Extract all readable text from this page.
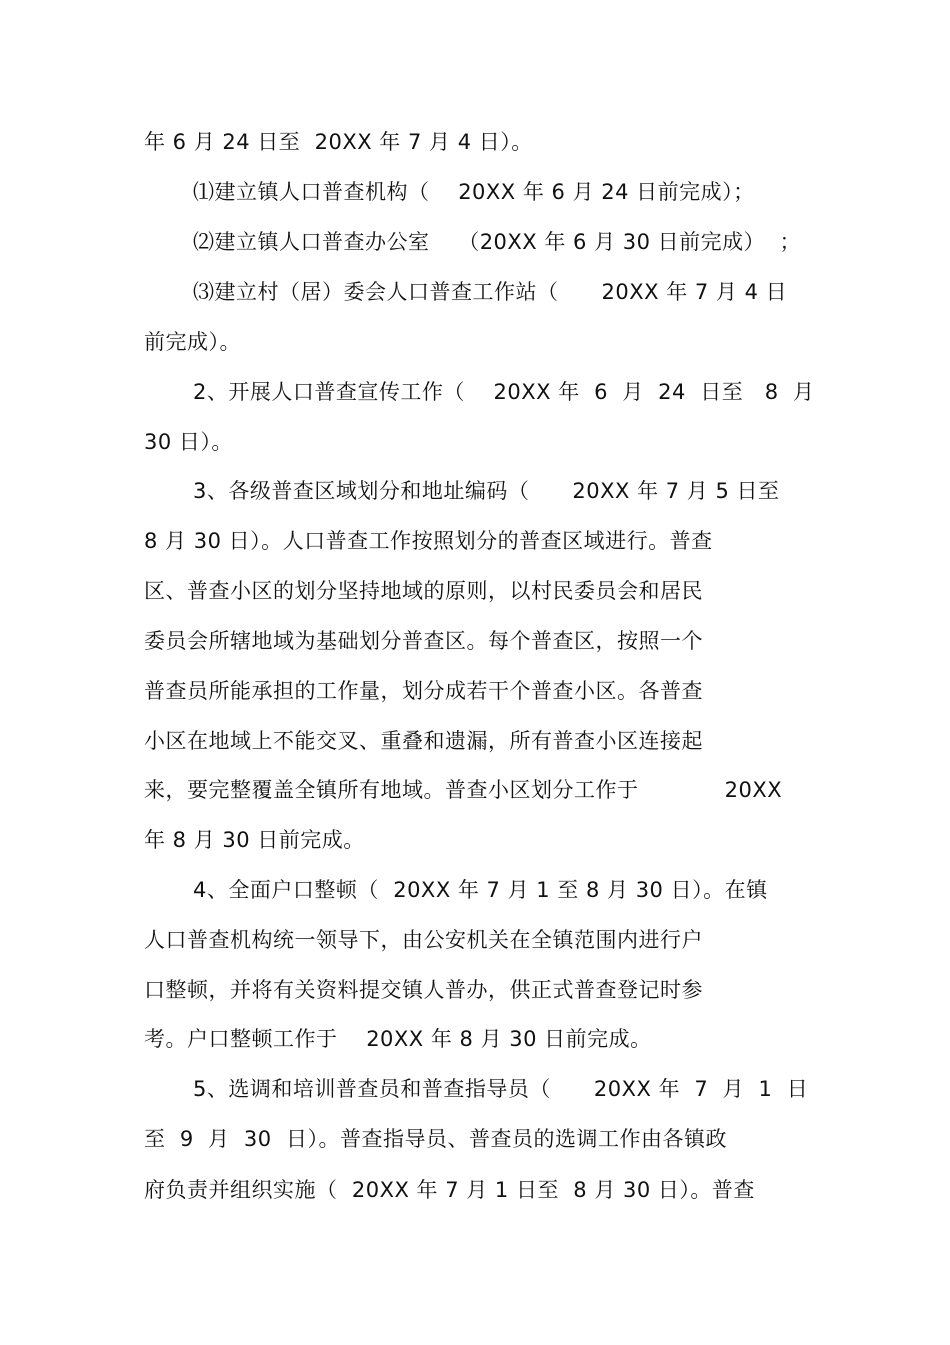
年 6 月 24 日至  20XX 年 7 月 4 日）。
⑴建立镇人口普查机构（    20XX 年 6 月 24 日前完成）；
⑵建立镇人口普查办公室    （20XX 年 6 月 30 日前完成）  ；
⑶建立村（居）委会人口普查工作站（      20XX 年 7 月 4 日
前完成）。
2、开展人口普查宣传工作（    20XX 年  6  月  24  日至   8  月
30 日）。
3、各级普查区域划分和地址编码（      20XX 年 7 月 5 日至
8 月 30 日）。人口普查工作按照划分的普查区域进行。普查
区、普查小区的划分坚持地域的原则，以村民委员会和居民
委员会所辖地域为基础划分普查区。每个普查区，按照一个
普查员所能承担的工作量，划分成若干个普查小区。各普查
小区在地域上不能交叉、重叠和遗漏，所有普查小区连接起
来，要完整覆盖全镇所有地域。普查小区划分工作于            20XX
年 8 月 30 日前完成。
4、全面户口整顿（  20XX 年 7 月 1 至 8 月 30 日）。在镇
人口普查机构统一领导下，由公安机关在全镇范围内进行户
口整顿，并将有关资料提交镇人普办，供正式普查登记时参
考。户口整顿工作于    20XX 年 8 月 30 日前完成。
5、选调和培训普查员和普查指导员（      20XX 年  7  月  1  日
至  9  月  30  日）。普查指导员、普查员的选调工作由各镇政
府负责并组织实施（  20XX 年 7 月 1 日至  8 月 30 日）。普查
